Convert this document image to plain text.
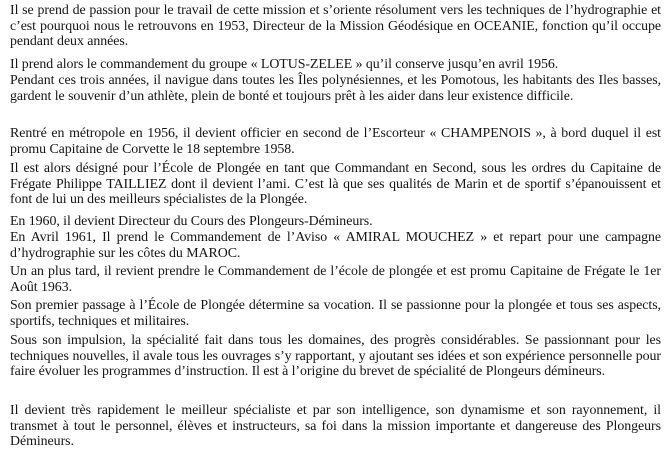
Il se prend de passion pour le travail de cette mission et s’oriente résolument vers les techniques de l’hydrographie et c’est pourquoi nous le retrouvons en 1953, Directeur de la Mission Géodésique en OCEANIE, fonction qu’il occupe pendant deux années.

Il prend alors le commandement du groupe « LOTUS-ZELEE » qu’il conserve jusqu’en avril 1956.

Pendant ces trois années, il navigue dans toutes les Îles polynésiennes, et les Pomotous, les habitants des Iles basses, gardent le souvenir d’un athlète, plein de bonté et toujours prêt à les aider dans leur existence difficile.

Rentré en métropole en 1956, il devient officier en second de l’Escorteur « CHAMPENOIS », à bord duquel il est promu Capitaine de Corvette le 18 septembre 1958.

Il est alors désigné pour l’École de Plongée en tant que Commandant en Second, sous les ordres du Capitaine de Frégate Philippe TAILLIEZ dont il devient l’ami. C’est là que ses qualités de Marin et de sportif s’épanouissent et font de lui un des meilleurs spécialistes de la Plongée.

En 1960, il devient Directeur du Cours des Plongeurs-Démineurs.

En Avril 1961, Il prend le Commandement de l’Aviso « AMIRAL MOUCHEZ » et repart pour une campagne d’hydrographie sur les côtes du MAROC.

Un an plus tard, il revient prendre le Commandement de l’école de plongée et est promu Capitaine de Frégate le 1er Août 1963.

Son premier passage à l’École de Plongée détermine sa vocation. Il se passionne pour la plongée et tous ses aspects, sportifs, techniques et militaires.

Sous son impulsion, la spécialité fait dans tous les domaines, des progrès considérables. Se passionnant pour les techniques nouvelles, il avale tous les ouvrages s’y rapportant, y ajoutant ses idées et son expérience personnelle pour faire évoluer les programmes d’instruction. Il est à l’origine du brevet de spécialité de Plongeurs démineurs.

Il devient très rapidement le meilleur spécialiste et par son intelligence, son dynamisme et son rayonnement, il transmet à tout le personnel, élèves et instructeurs, sa foi dans la mission importante et dangereuse des Plongeurs Démineurs.
